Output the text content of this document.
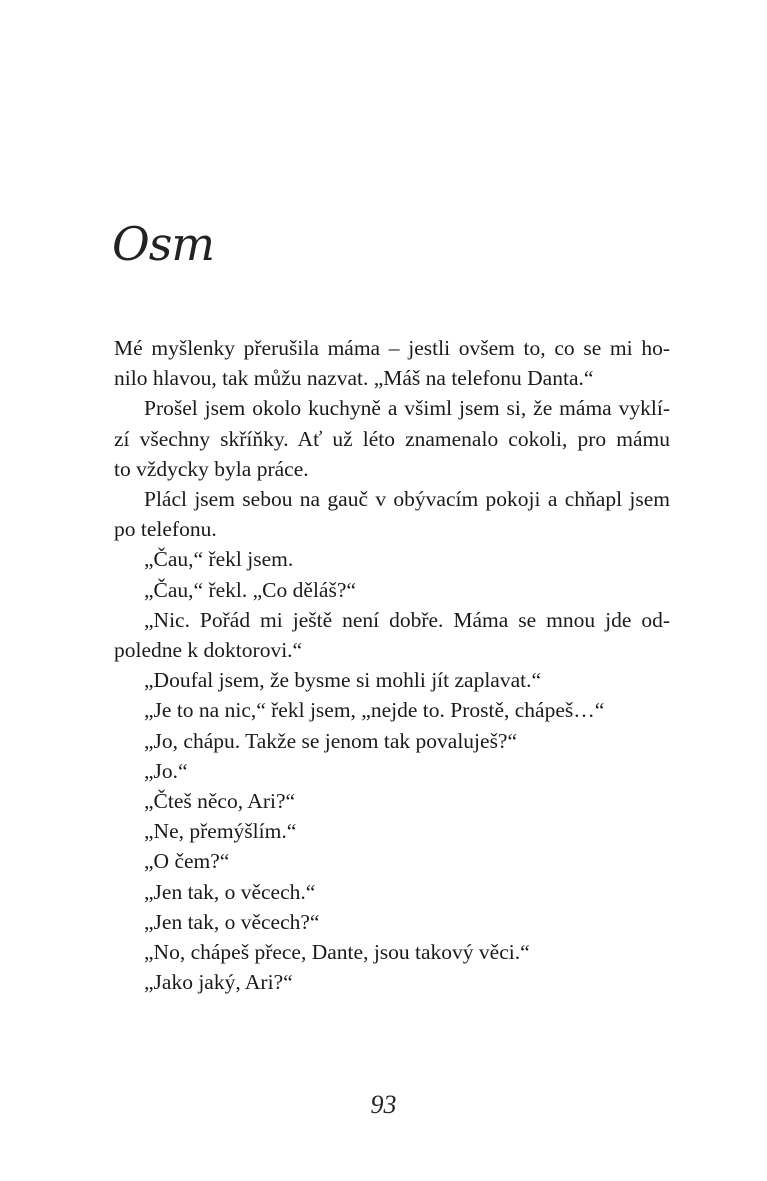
Osm
Mé myšlenky přerušila máma – jestli ovšem to, co se mi ho-
nilo hlavou, tak můžu nazvat. „Máš na telefonu Danta.“
Prošel jsem okolo kuchyně a všiml jsem si, že máma vyklí-
zí všechny skříňky. Ať už léto znamenalo cokoli, pro mámu
to vždycky byla práce.
Plácl jsem sebou na gauč v obývacím pokoji a chňapl jsem
po telefonu.
„Čau,“ řekl jsem.
„Čau,“ řekl. „Co děláš?“
„Nic. Pořád mi ještě není dobře. Máma se mnou jde od-
poledne k doktorovi.“
„Doufal jsem, že bysme si mohli jít zaplavat.“
„Je to na nic,“ řekl jsem, „nejde to. Prostě, chápeš…“
„Jo, chápu. Takže se jenom tak povaluješ?“
„Jo.“
„Čteš něco, Ari?“
„Ne, přemýšlím.“
„O čem?“
„Jen tak, o věcech.“
„Jen tak, o věcech?“
„No, chápeš přece, Dante, jsou takový věci.“
„Jako jaký, Ari?“
93
